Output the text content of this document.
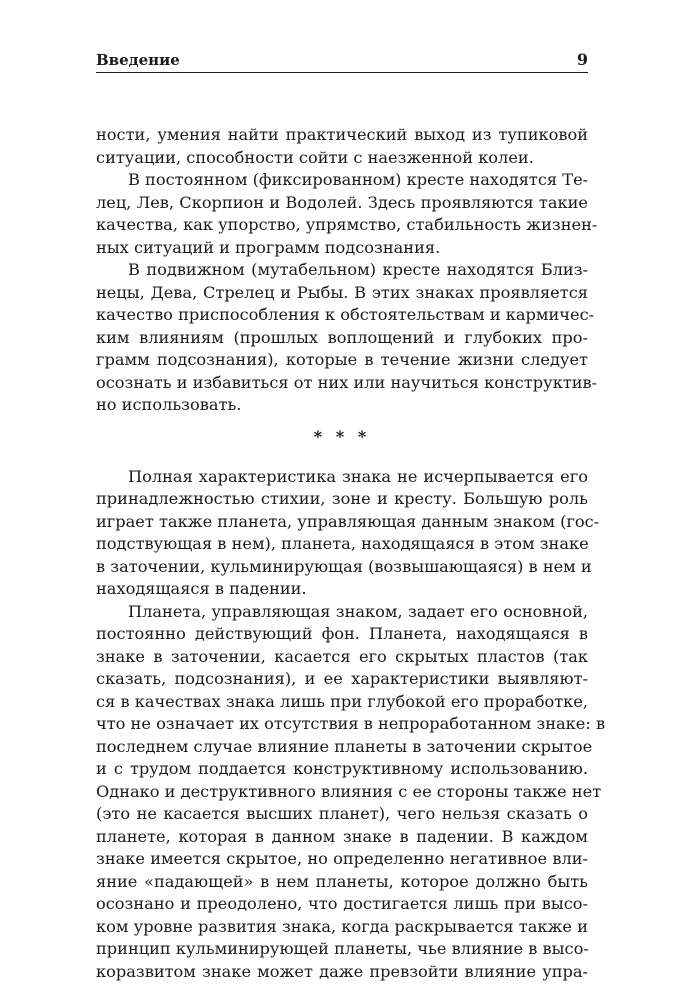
Введение	9

ности, умения найти практический выход из тупиковой
ситуации, способности сойти с наезженной колеи.

В постоянном (фиксированном) кресте находятся Те-
лец, Лев, Скорпион и Водолей. Здесь проявляются такие
качества, как упорство, упрямство, стабильность жизнен-
ных ситуаций и программ подсознания.

В подвижном (мутабельном) кресте находятся Близ-
нецы, Дева, Стрелец и Рыбы. В этих знаках проявляется
качество приспособления к обстоятельствам и кармичес-
ким влияниям (прошлых воплощений и глубоких про-
грамм подсознания), которые в течение жизни следует
осознать и избавиться от них или научиться конструктив-
но использовать.

* * *

Полная характеристика знака не исчерпывается его
принадлежностью стихии, зоне и кресту. Большую роль
играет также планета, управляющая данным знаком (гос-
подствующая в нем), планета, находящаяся в этом знаке
в заточении, кульминирующая (возвышающаяся) в нем и
находящаяся в падении.

Планета, управляющая знаком, задает его основной,
постоянно действующий фон. Планета, находящаяся в
знаке в заточении, касается его скрытых пластов (так
сказать, подсознания), и ее характеристики выявляют-
ся в качествах знака лишь при глубокой его проработке,
что не означает их отсутствия в непроработанном знаке: в
последнем случае влияние планеты в заточении скрытое
и с трудом поддается конструктивному использованию.
Однако и деструктивного влияния с ее стороны также нет
(это не касается высших планет), чего нельзя сказать о
планете, которая в данном знаке в падении. В каждом
знаке имеется скрытое, но определенно негативное вли-
яние «падающей» в нем планеты, которое должно быть
осознано и преодолено, что достигается лишь при высо-
ком уровне развития знака, когда раскрывается также и
принцип кульминирующей планеты, чье влияние в высо-
коразвитом знаке может даже превзойти влияние упра-
